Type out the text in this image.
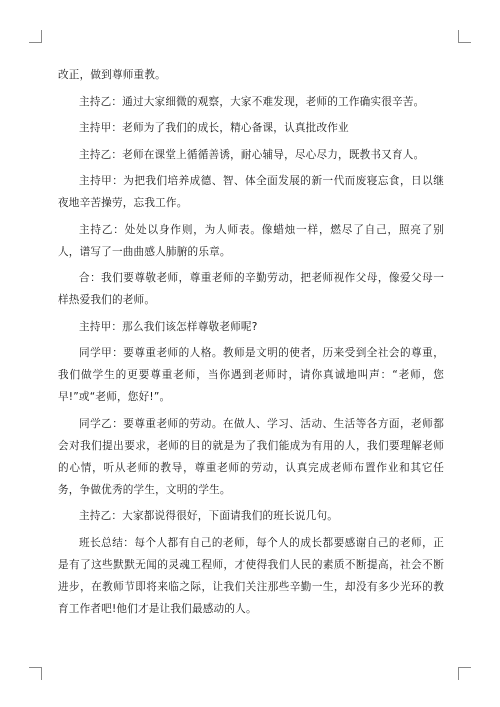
改正，做到尊师重教。

主持乙：通过大家细微的观察，大家不难发现，老师的工作确实很辛苦。

主持甲：老师为了我们的成长，精心备课，认真批改作业

主持乙：老师在课堂上循循善诱，耐心辅导，尽心尽力，既教书又育人。

主持甲：为把我们培养成德、智、体全面发展的新一代而废寝忘食，日以继夜地辛苦操劳，忘我工作。

主持乙：处处以身作则，为人师表。像蜡烛一样，燃尽了自己，照亮了别人，谱写了一曲曲感人肺腑的乐章。

合：我们要尊敬老师，尊重老师的辛勤劳动，把老师视作父母，像爱父母一样热爱我们的老师。

主持甲：那么我们该怎样尊敬老师呢?

同学甲：要尊重老师的人格。教师是文明的使者，历来受到全社会的尊重，我们做学生的更要尊重老师，当你遇到老师时，请你真诚地叫声：“老师，您早!”或“老师，您好!”。

同学乙：要尊重老师的劳动。在做人、学习、活动、生活等各方面，老师都会对我们提出要求，老师的目的就是为了我们能成为有用的人，我们要理解老师的心情，听从老师的教导，尊重老师的劳动，认真完成老师布置作业和其它任务，争做优秀的学生，文明的学生。

主持乙：大家都说得很好，下面请我们的班长说几句。

班长总结：每个人都有自己的老师，每个人的成长都要感谢自己的老师，正是有了这些默默无闻的灵魂工程师，才使得我们人民的素质不断提高，社会不断进步，在教师节即将来临之际，让我们关注那些辛勤一生，却没有多少光环的教育工作者吧!他们才是让我们最感动的人。
